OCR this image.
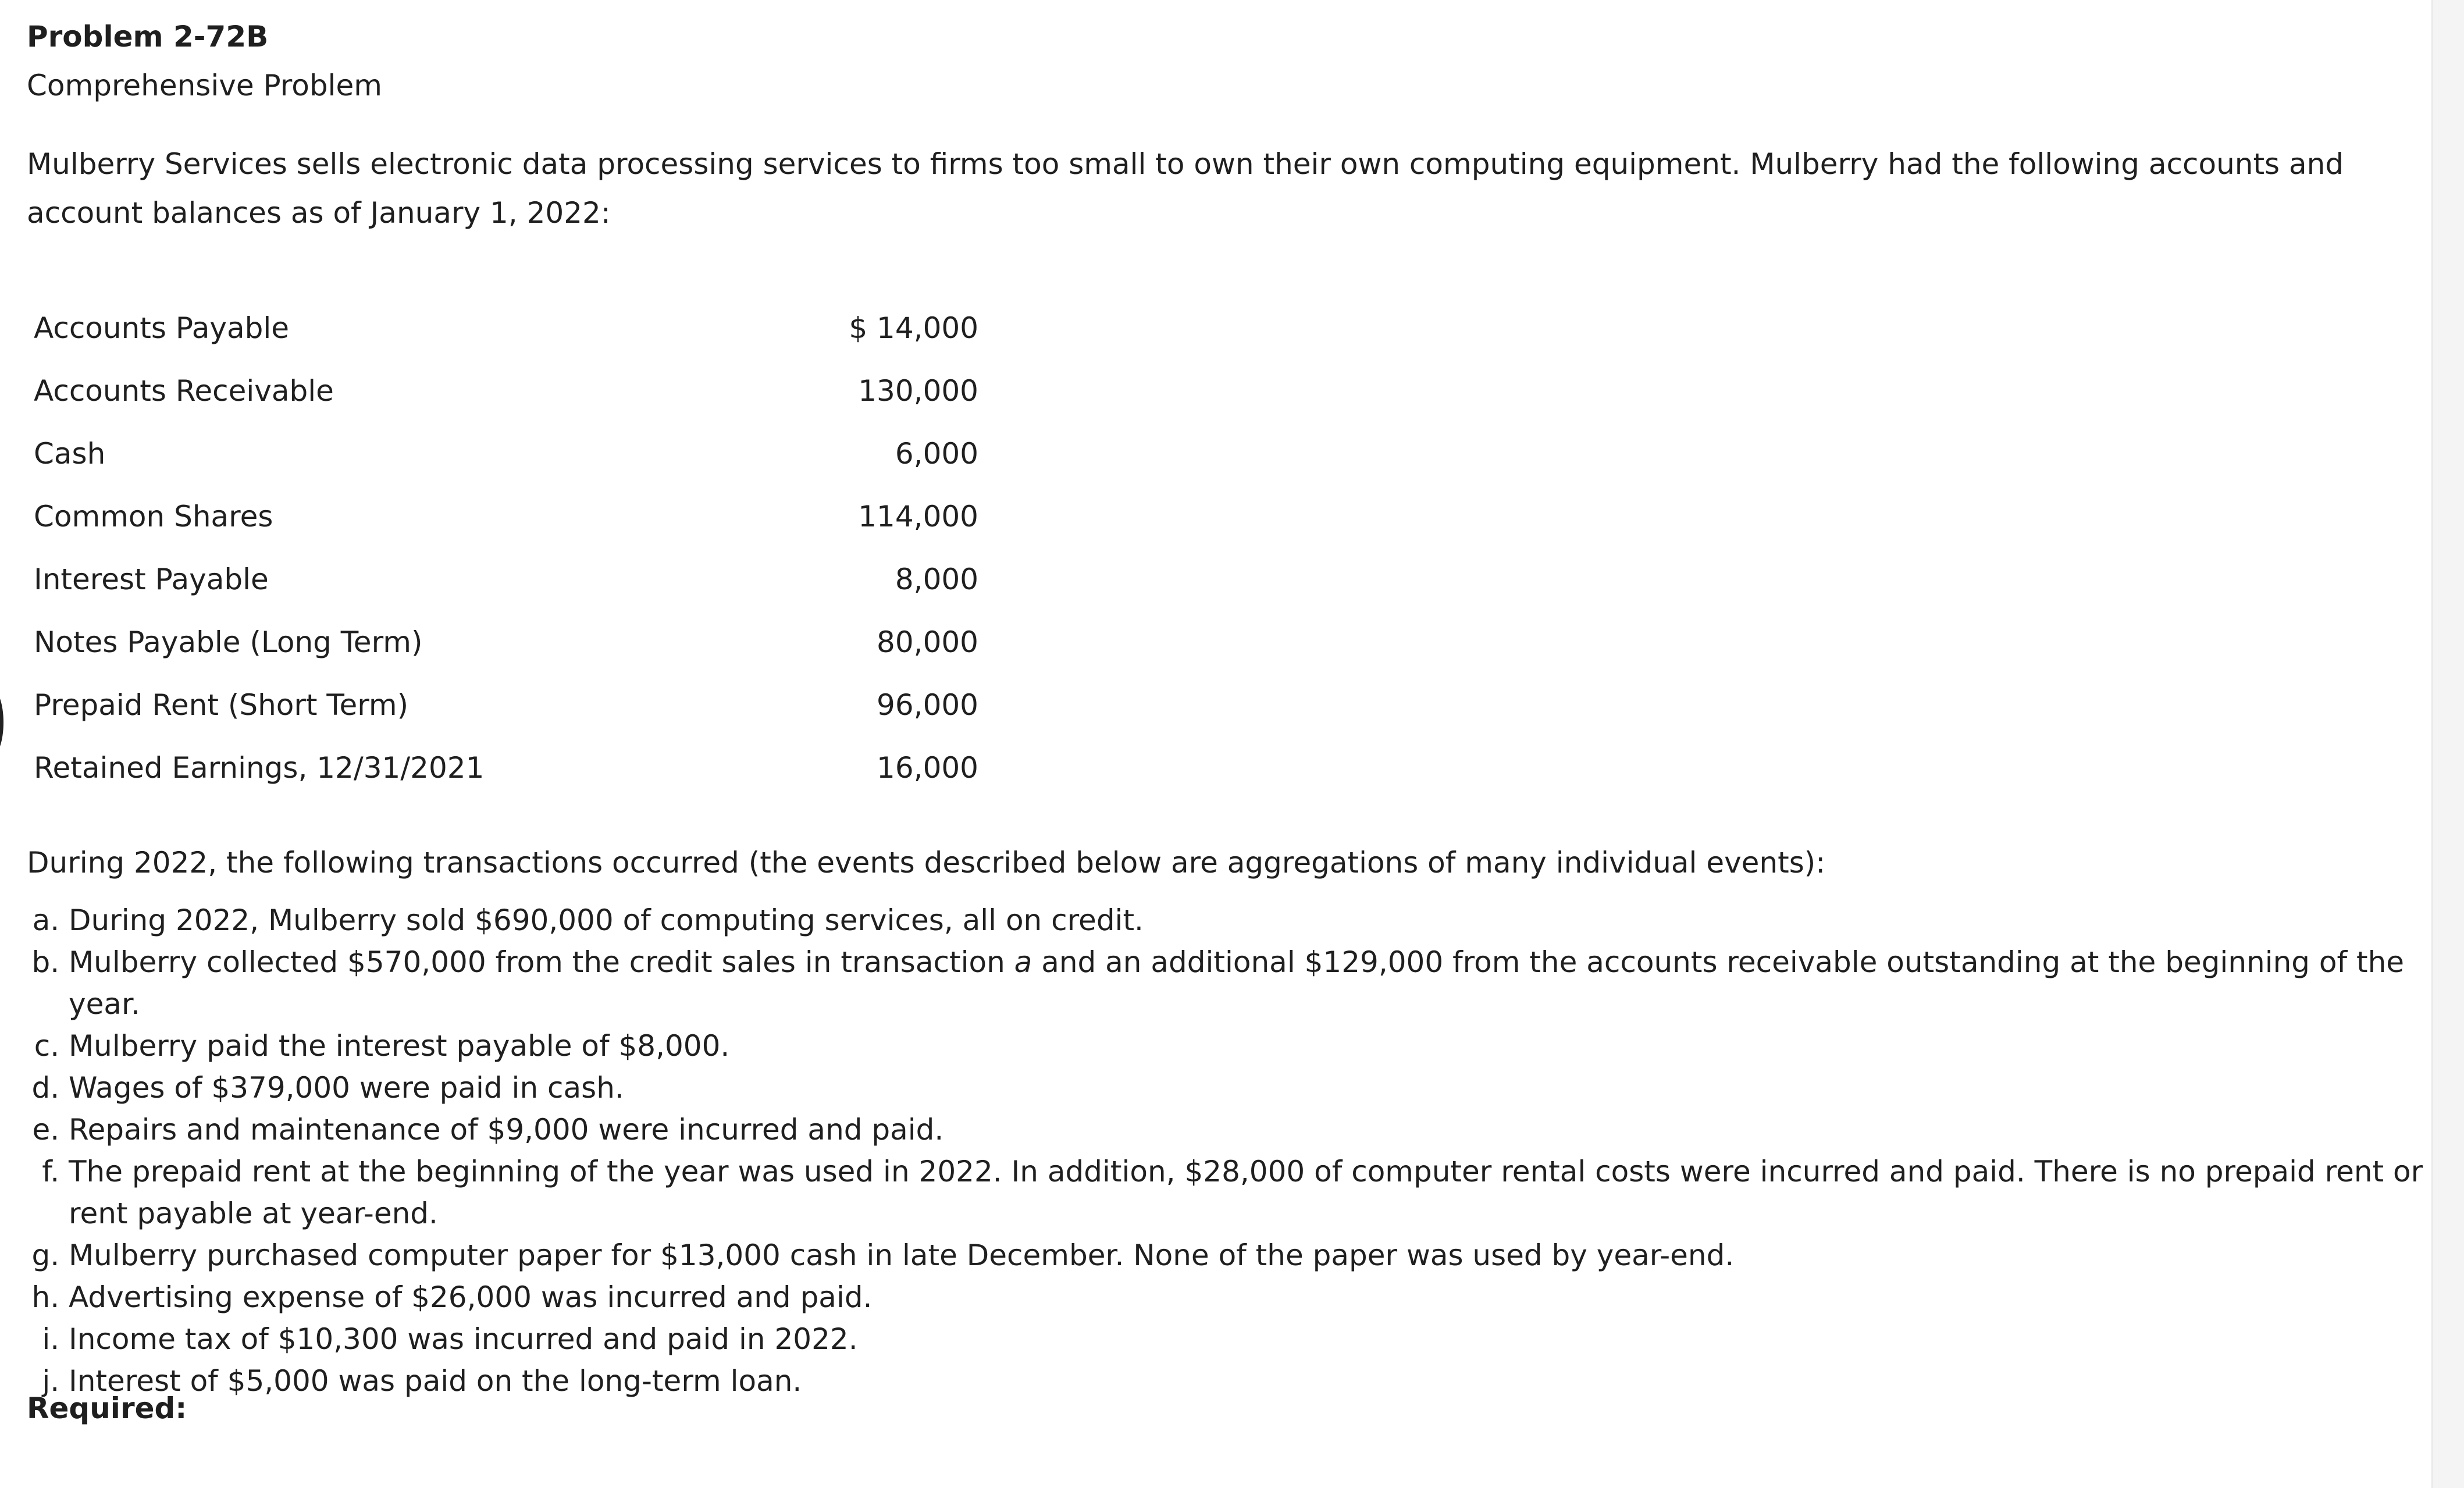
Problem 2-72B
Comprehensive Problem
Mulberry Services sells electronic data processing services to firms too small to own their own computing equipment. Mulberry had the following accounts and account balances as of January 1, 2022:
Accounts Payable	$ 14,000
Accounts Receivable	130,000
Cash	6,000
Common Shares	114,000
Interest Payable	8,000
Notes Payable (Long Term)	80,000
Prepaid Rent (Short Term)	96,000
Retained Earnings, 12/31/2021	16,000
During 2022, the following transactions occurred (the events described below are aggregations of many individual events):
a. During 2022, Mulberry sold $690,000 of computing services, all on credit.
b. Mulberry collected $570,000 from the credit sales in transaction a and an additional $129,000 from the accounts receivable outstanding at the beginning of the year.
c. Mulberry paid the interest payable of $8,000.
d. Wages of $379,000 were paid in cash.
e. Repairs and maintenance of $9,000 were incurred and paid.
f. The prepaid rent at the beginning of the year was used in 2022. In addition, $28,000 of computer rental costs were incurred and paid. There is no prepaid rent or rent payable at year-end.
g. Mulberry purchased computer paper for $13,000 cash in late December. None of the paper was used by year-end.
h. Advertising expense of $26,000 was incurred and paid.
i. Income tax of $10,300 was incurred and paid in 2022.
j. Interest of $5,000 was paid on the long-term loan.
Required:
